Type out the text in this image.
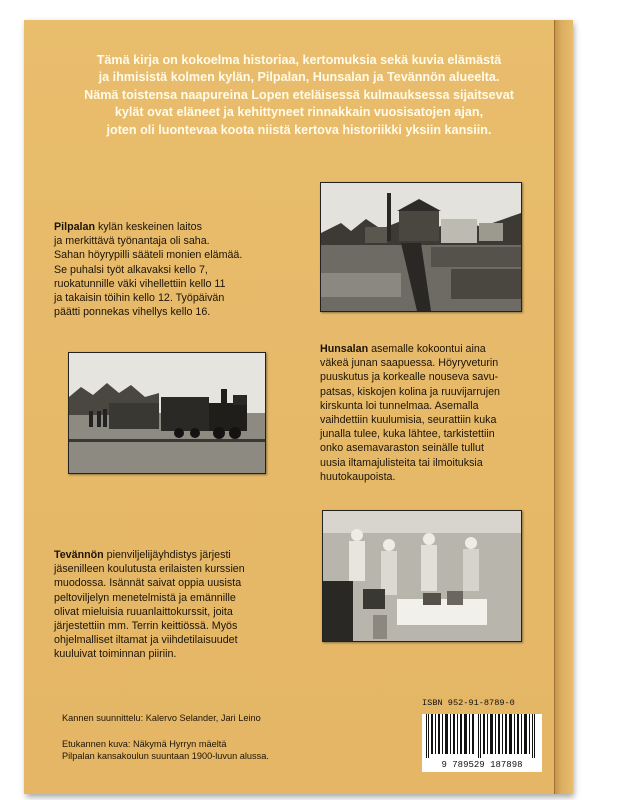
Tämä kirja on kokoelma historiaa, kertomuksia sekä kuvia elämästä
ja ihmisistä kolmen kylän, Pilpalan, Hunsalan ja Tevännön alueelta.
Nämä toistensa naapureina Lopen eteläisessä kulmauksessa sijaitsevat
kylät ovat eläneet ja kehittyneet rinnakkain vuosisatojen ajan,
joten oli luontevaa koota niistä kertova historiikki yksiin kansiin.
Pilpalan kylän keskeinen laitos
ja merkittävä työnantaja oli saha.
Sahan höyrypilli sääteli monien elämää.
Se puhalsi työt alkavaksi kello 7,
ruokatunnille väki vihellettiin kello 11
ja takaisin töihin kello 12. Työpäivän
päätti ponnekas vihellys kello 16.
Hunsalan asemalle kokoontui aina
väkeä junan saapuessa. Höyryveturin
puuskutus ja korkealle nouseva savu-
patsas, kiskojen kolina ja ruuvijarrujen
kirskunta loi tunnelmaa. Asemalla
vaihdettiin kuulumisia, seurattiin kuka
junalla tulee, kuka lähtee, tarkistettiin
onko asemavaraston seinälle tullut
uusia iltamajulisteita tai ilmoituksia
huutokaupoista.
Tevännön pienviljelijäyhdistys järjesti
jäsenilleen koulutusta erilaisten kurssien
muodossa. Isännät saivat oppia uusista
peltoviljelyn menetelmistä ja emännille
olivat mieluisia ruuanlaittokurssit, joita
järjestettiin mm. Terrin keittiössä. Myös
ohjelmalliset iltamat ja viihdetilaisuudet
kuuluivat toiminnan piiriin.
Kannen suunnittelu: Kalervo Selander, Jari Leino
Etukannen kuva: Näkymä Hyrryn mäeltä
Pilpalan kansakoulun suuntaan 1900-luvun alussa.
ISBN 952-91-8789-0
9 789529 187898
